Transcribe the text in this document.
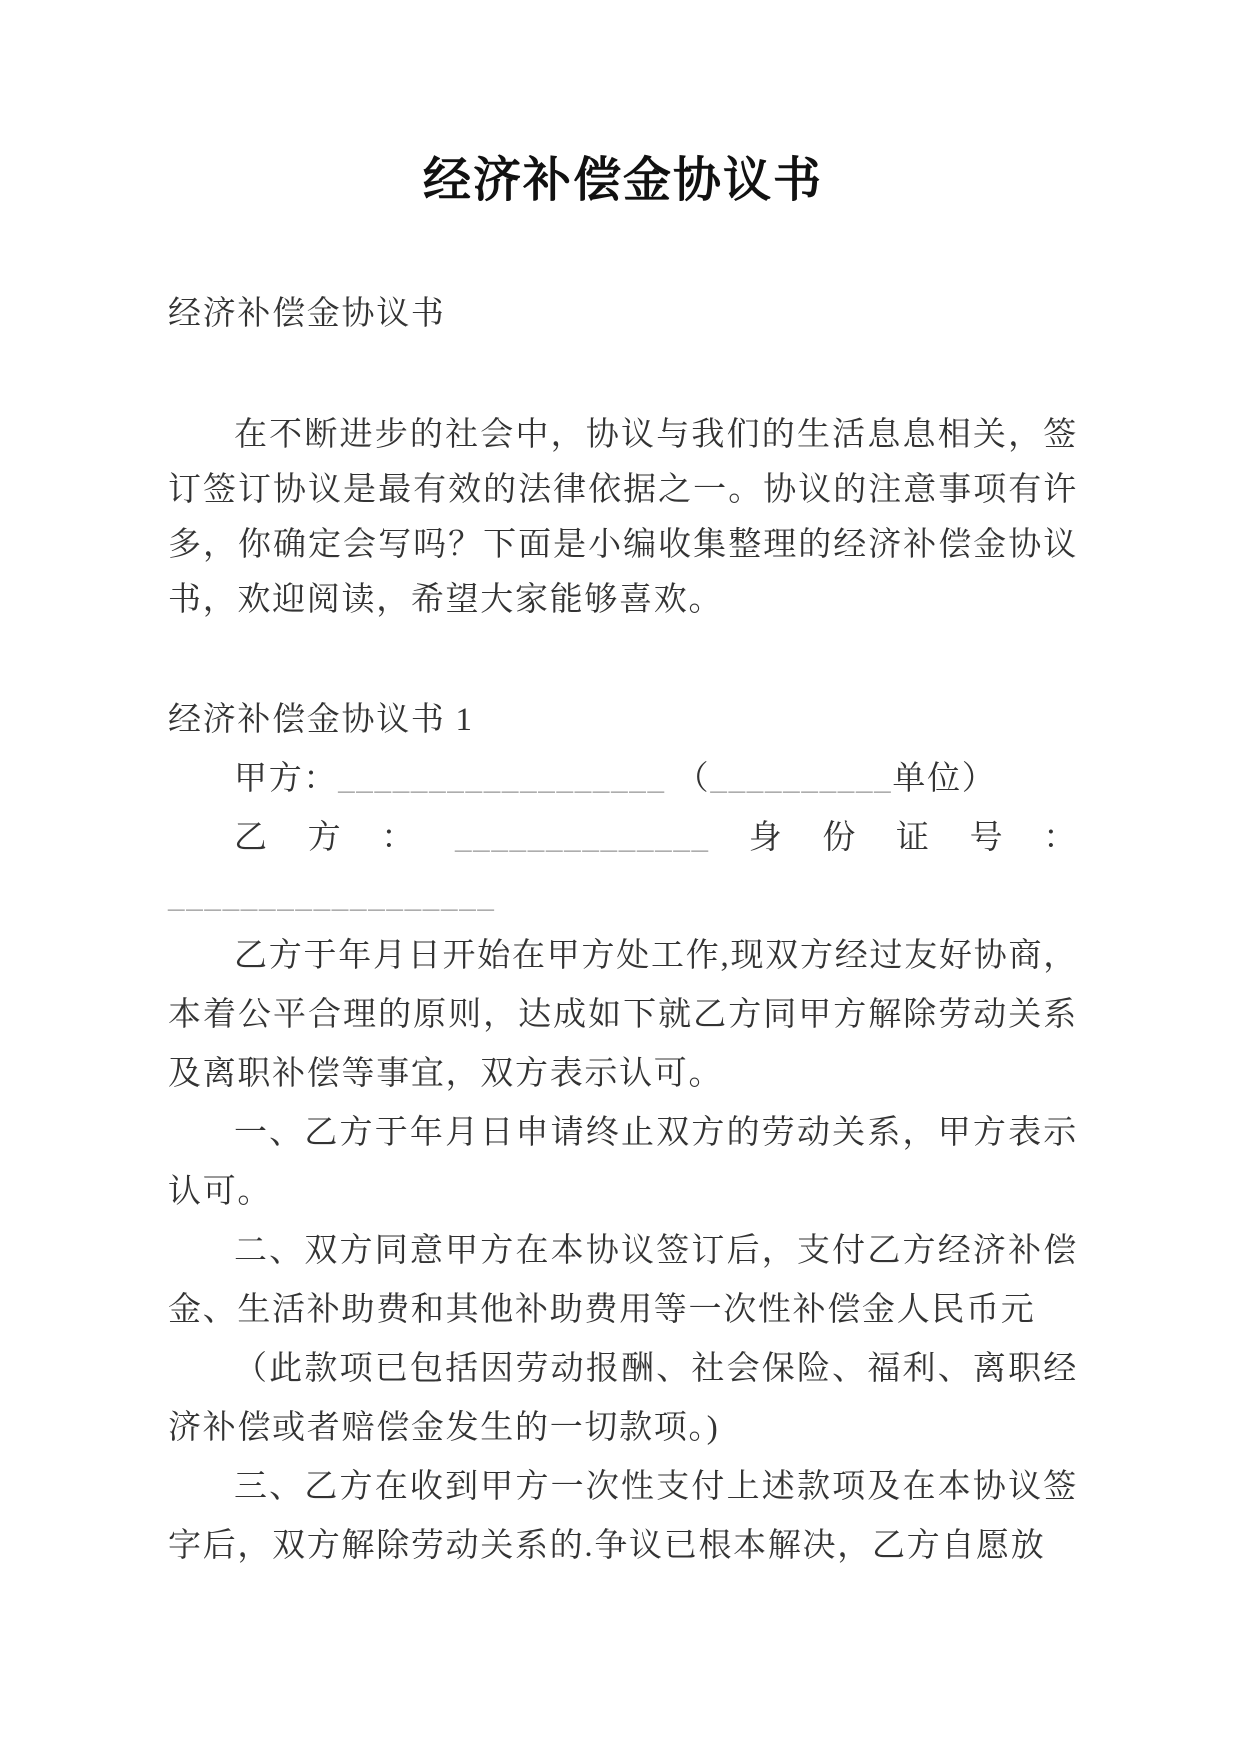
经济补偿金协议书

经济补偿金协议书

在不断进步的社会中，协议与我们的生活息息相关，签订签订协议是最有效的法律依据之一。协议的注意事项有许多，你确定会写吗？下面是小编收集整理的经济补偿金协议书，欢迎阅读，希望大家能够喜欢。

经济补偿金协议书 1

甲方：__________________ （__________单位）

乙方：______________身份证号：

__________________

乙方于年月日开始在甲方处工作,现双方经过友好协商，本着公平合理的原则，达成如下就乙方同甲方解除劳动关系及离职补偿等事宜，双方表示认可。

一、乙方于年月日申请终止双方的劳动关系，甲方表示认可。

二、双方同意甲方在本协议签订后，支付乙方经济补偿金、生活补助费和其他补助费用等一次性补偿金人民币元

（此款项已包括因劳动报酬、社会保险、福利、离职经济补偿或者赔偿金发生的一切款项。)

三、乙方在收到甲方一次性支付上述款项及在本协议签字后，双方解除劳动关系的.争议已根本解决，乙方自愿放
